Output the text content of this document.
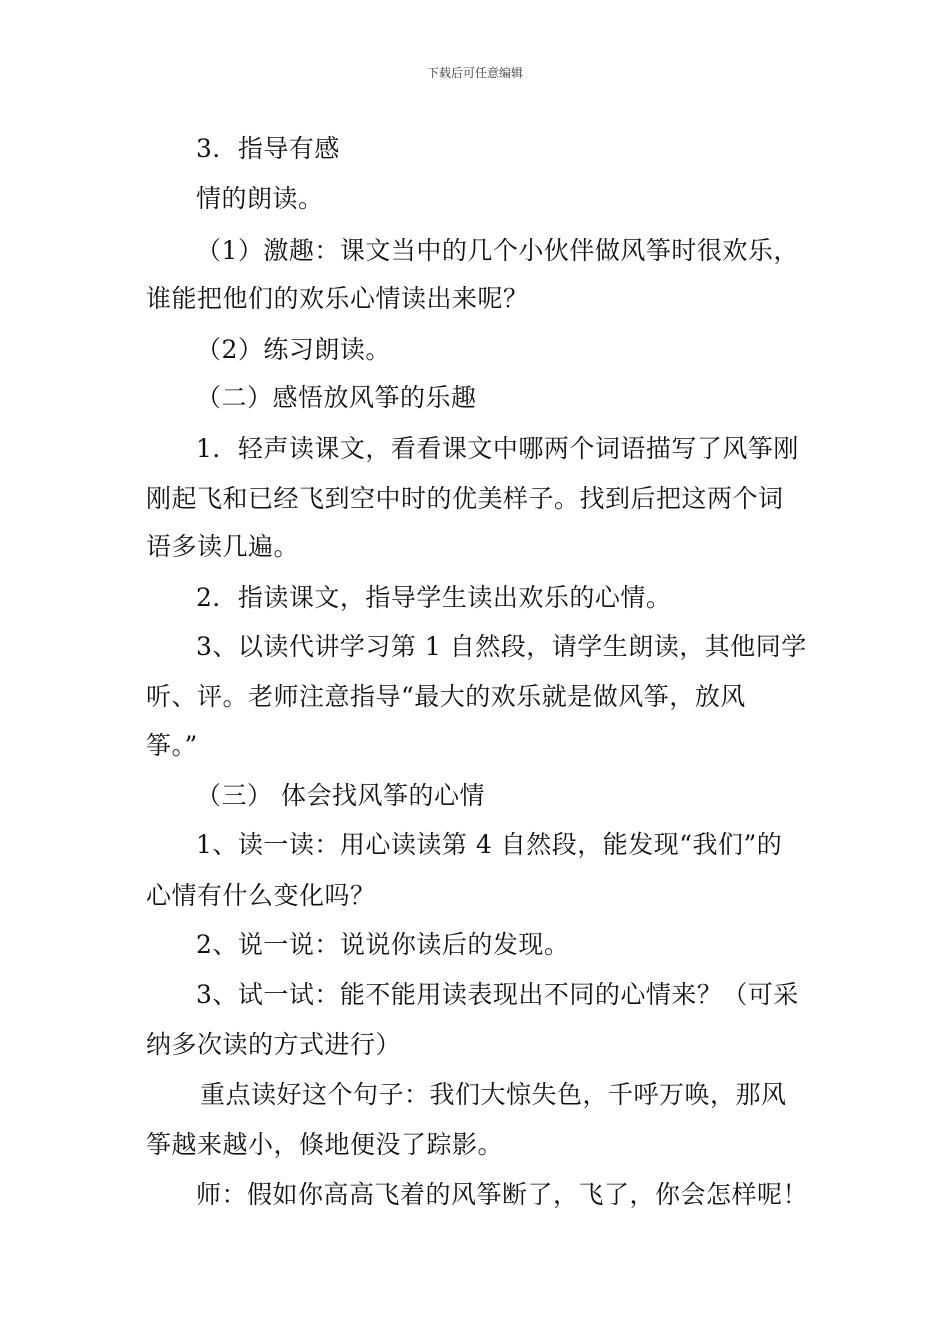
下载后可任意编辑
3．指导有感
情的朗读。
（1）激趣：课文当中的几个小伙伴做风筝时很欢乐，
谁能把他们的欢乐心情读出来呢？
（2）练习朗读。
（二）感悟放风筝的乐趣
1．轻声读课文，看看课文中哪两个词语描写了风筝刚
刚起飞和已经飞到空中时的优美样子。找到后把这两个词
语多读几遍。
2．指读课文，指导学生读出欢乐的心情。
3、以读代讲学习第 1 自然段，请学生朗读，其他同学
听、评。老师注意指导“最大的欢乐就是做风筝，放风
筝。”
（三） 体会找风筝的心情
1、读一读：用心读读第 4 自然段，能发现“我们”的
心情有什么变化吗？
2、说一说：说说你读后的发现。
3、试一试：能不能用读表现出不同的心情来？（可采
纳多次读的方式进行）
重点读好这个句子：我们大惊失色，千呼万唤，那风
筝越来越小，倏地便没了踪影。
师：假如你高高飞着的风筝断了，飞了，你会怎样呢！
